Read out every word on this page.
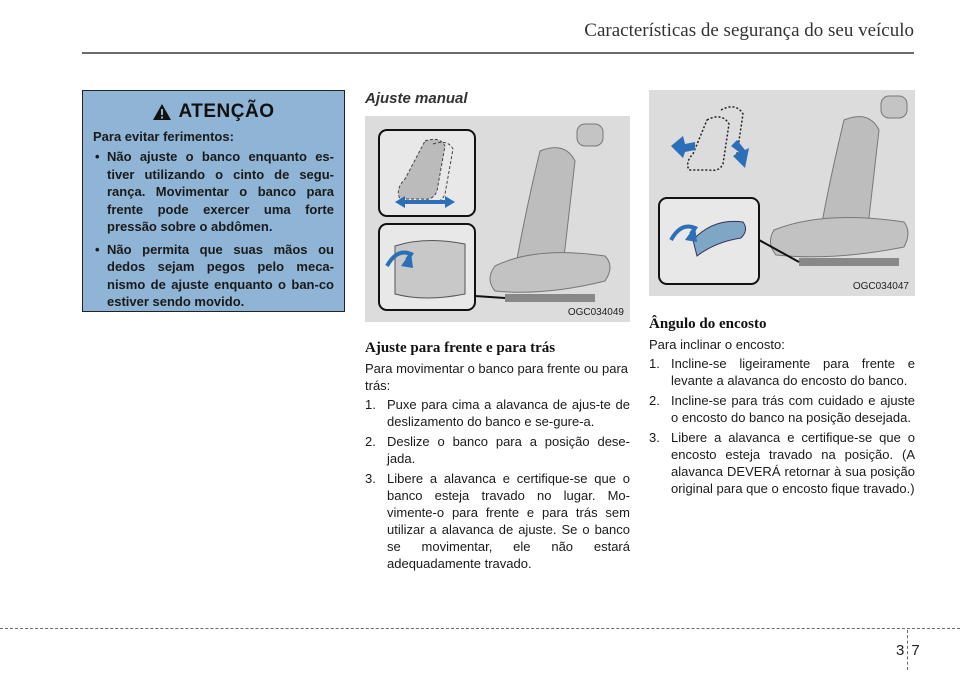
Características de segurança do seu veículo
ATENÇÃO

Para evitar ferimentos:

• Não ajuste o banco enquanto es-tiver utilizando o cinto de segu-rança. Movimentar o banco para frente pode exercer uma forte pressão sobre o abdômen.
• Não permita que suas mãos ou dedos sejam pegos pelo meca-nismo de ajuste enquanto o ban-co estiver sendo movido.
Ajuste manual
OGC034049
OGC034047

Ajuste para frente e para trás

Para movimentar o banco para frente ou para trás:

1. Puxe para cima a alavanca de ajus-te de deslizamento do banco e se-gure-a.
2. Deslize o banco para a posição dese-jada.
3. Libere a alavanca e certifique-se que o banco esteja travado no lugar. Mo-vimente-o para frente e para trás sem utilizar a alavanca de ajuste. Se o banco se movimentar, ele não estará adequadamente travado.

Ângulo do encosto

Para inclinar o encosto:

1. Incline-se ligeiramente para frente e levante a alavanca do encosto do banco.
2. Incline-se para trás com cuidado e ajuste o encosto do banco na posição desejada.
3. Libere a alavanca e certifique-se que o encosto esteja travado na posição. (A alavanca DEVERÁ retornar à sua posição original para que o encosto fique travado.)
3 7
